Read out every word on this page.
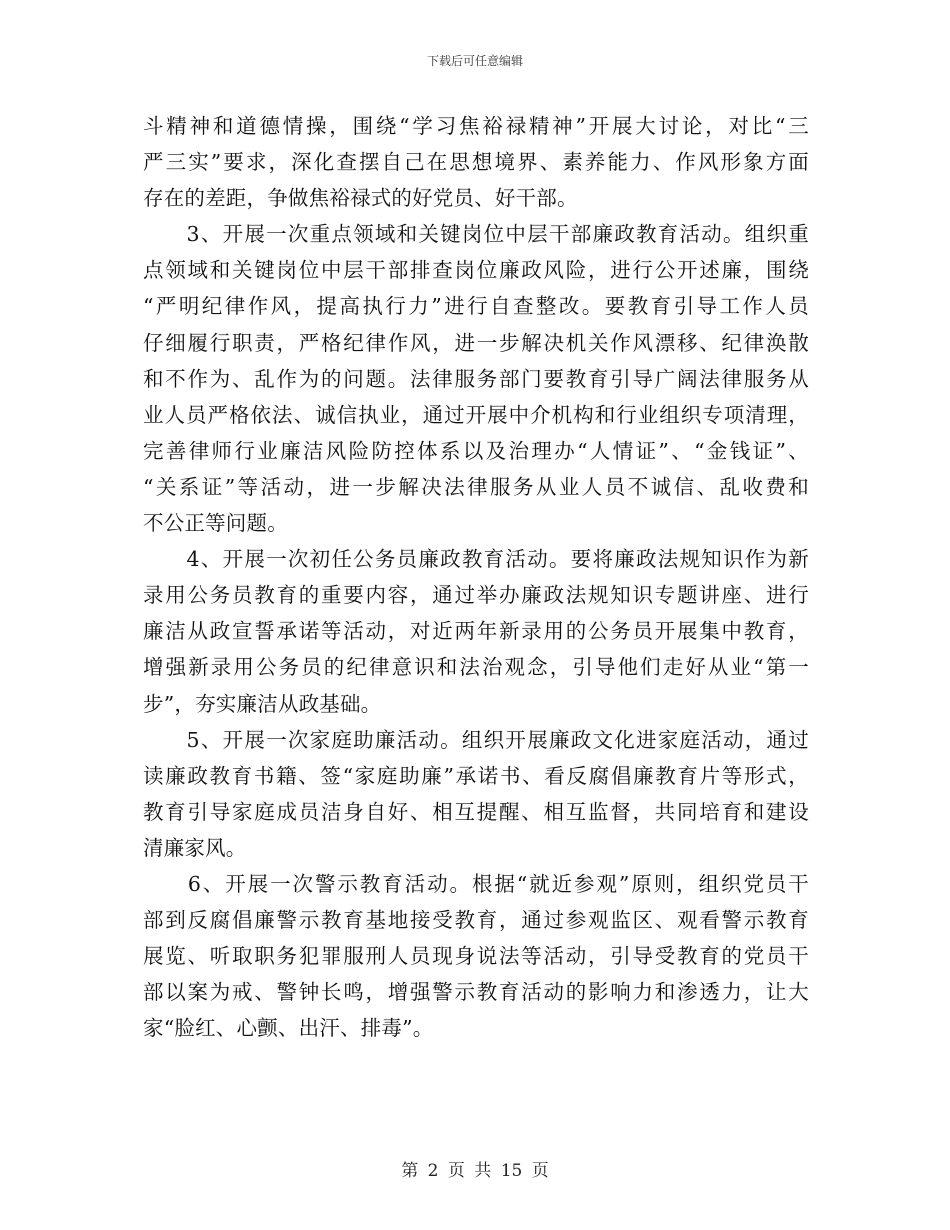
下载后可任意编辑
斗精神和道德情操，围绕“学习焦裕禄精神”开展大讨论，对比“三
严三实”要求，深化查摆自己在思想境界、素养能力、作风形象方面
存在的差距，争做焦裕禄式的好党员、好干部。
　　3、开展一次重点领域和关键岗位中层干部廉政教育活动。组织重
点领域和关键岗位中层干部排查岗位廉政风险，进行公开述廉，围绕
“严明纪律作风，提高执行力”进行自查整改。要教育引导工作人员
仔细履行职责，严格纪律作风，进一步解决机关作风漂移、纪律涣散
和不作为、乱作为的问题。法律服务部门要教育引导广阔法律服务从
业人员严格依法、诚信执业，通过开展中介机构和行业组织专项清理，
完善律师行业廉洁风险防控体系以及治理办“人情证”、“金钱证”、
“关系证”等活动，进一步解决法律服务从业人员不诚信、乱收费和
不公正等问题。
　　4、开展一次初任公务员廉政教育活动。要将廉政法规知识作为新
录用公务员教育的重要内容，通过举办廉政法规知识专题讲座、进行
廉洁从政宣誓承诺等活动，对近两年新录用的公务员开展集中教育，
增强新录用公务员的纪律意识和法治观念，引导他们走好从业“第一
步”，夯实廉洁从政基础。
　　5、开展一次家庭助廉活动。组织开展廉政文化进家庭活动，通过
读廉政教育书籍、签“家庭助廉”承诺书、看反腐倡廉教育片等形式，
教育引导家庭成员洁身自好、相互提醒、相互监督，共同培育和建设
清廉家风。
　　6、开展一次警示教育活动。根据“就近参观”原则，组织党员干
部到反腐倡廉警示教育基地接受教育，通过参观监区、观看警示教育
展览、听取职务犯罪服刑人员现身说法等活动，引导受教育的党员干
部以案为戒、警钟长鸣，增强警示教育活动的影响力和渗透力，让大
家“脸红、心颤、出汗、排毒”。
第 2 页 共 15 页
